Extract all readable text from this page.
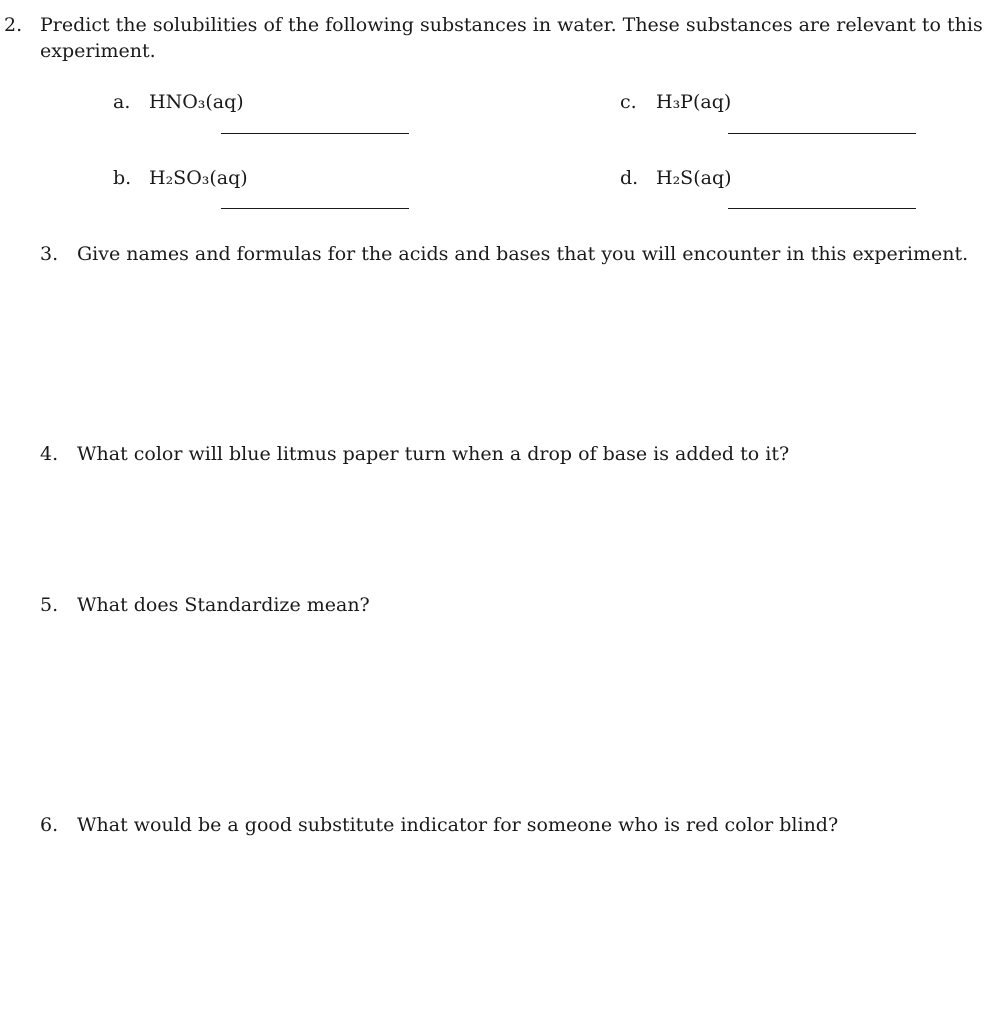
2. Predict the solubilities of the following substances in water. These substances are relevant to this
experiment.
a. HNO₃(aq)	c. H₃P(aq)
b. H₂SO₃(aq)	d. H₂S(aq)
3. Give names and formulas for the acids and bases that you will encounter in this experiment.
4. What color will blue litmus paper turn when a drop of base is added to it?
5. What does Standardize mean?
6. What would be a good substitute indicator for someone who is red color blind?
